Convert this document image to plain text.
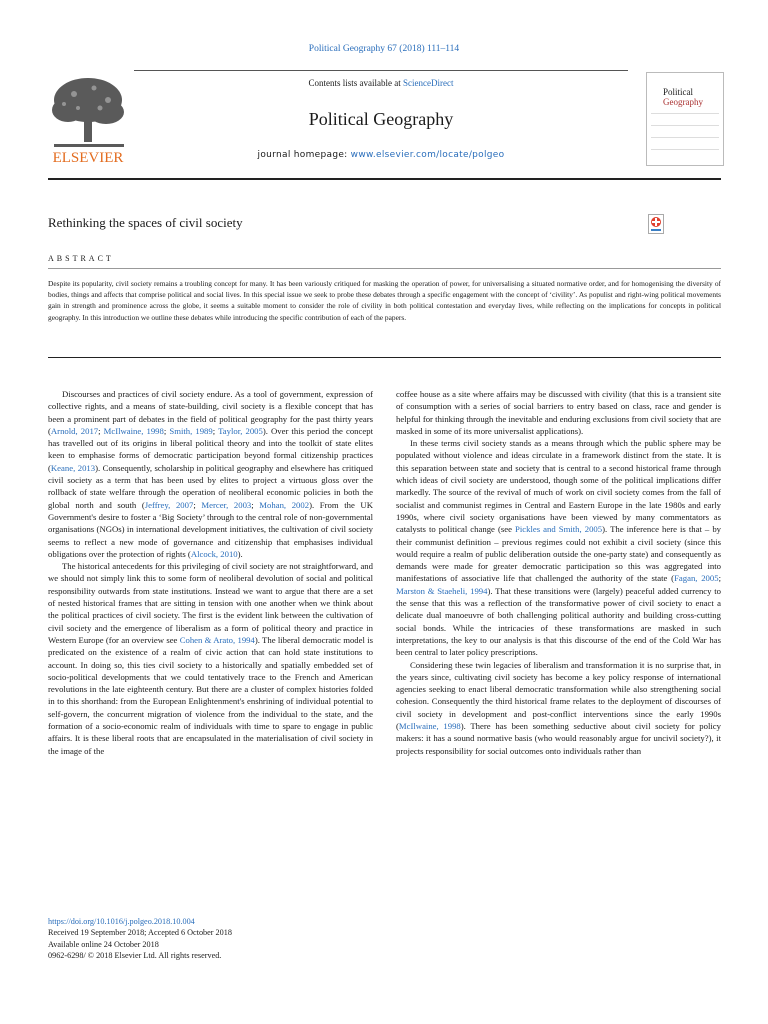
Political Geography 67 (2018) 111–114
ELSEVIER
Contents lists available at ScienceDirect
Political Geography
journal homepage: www.elsevier.com/locate/polgeo
Political
Geography
Rethinking the spaces of civil society
ABSTRACT
Despite its popularity, civil society remains a troubling concept for many. It has been variously critiqued for masking the operation of power, for universalising a situated normative order, and for homogenising the diversity of bodies, things and affects that comprise political and social lives. In this special issue we seek to probe these debates through a specific engagement with the concept of ‘civility’. As populist and right-wing political movements gain in strength and prominence across the globe, it seems a suitable moment to consider the role of civility in both political contestation and everyday lives, while reflecting on the implications for concepts in political geography. In this introduction we outline these debates while introducing the specific contribution of each of the papers.

Discourses and practices of civil society endure. As a tool of government, expression of collective rights, and a means of state-building, civil society is a flexible concept that has been a prominent part of debates in the field of political geography for the past thirty years (Arnold, 2017; McIlwaine, 1998; Smith, 1989; Taylor, 2005). Over this period the concept has travelled out of its origins in liberal political theory and into the toolkit of state elites keen to emphasise forms of democratic participation beyond formal citizenship practices (Keane, 2013). Consequently, scholarship in political geography and elsewhere has critiqued civil society as a term that has been used by elites to project a virtuous gloss over the rollback of state welfare through the operation of neoliberal economic policies in both the global north and south (Jeffrey, 2007; Mercer, 2003; Mohan, 2002). From the UK Government's desire to foster a ‘Big Society’ through to the central role of non-governmental organisations (NGOs) in international development initiatives, the cultivation of civil society seems to reflect a new mode of governance and citizenship that emphasises individual obligations over the protection of rights (Alcock, 2010).

The historical antecedents for this privileging of civil society are not straightforward, and we should not simply link this to some form of neoliberal devolution of social and political responsibility outwards from state institutions. Instead we want to argue that there are a set of nested historical frames that are sitting in tension with one another when we think about the political practices of civil society. The first is the evident link between the cultivation of civil society and the emergence of liberalism as a form of political theory and practice in Western Europe (for an overview see Cohen & Arato, 1994). The liberal democratic model is predicated on the existence of a realm of civic action that can hold state institutions to account. In doing so, this ties civil society to a historically and spatially embedded set of socio-political developments that we could tentatively trace to the French and American revolutions in the late eighteenth century. But there are a cluster of complex histories folded in to this shorthand: from the European Enlightenment's enshrining of individual potential to self-govern, the concurrent migration of violence from the individual to the state, and the formation of a socio-economic realm of individuals with time to spare to engage in public affairs. It is these liberal roots that are encapsulated in the materialisation of civil society in the image of the

coffee house as a site where affairs may be discussed with civility (that this is a transient site of consumption with a series of social barriers to entry based on class, race and gender is helpful for thinking through the inevitable and enduring exclusions from civil society that are masked in some of its more universalist applications).

In these terms civil society stands as a means through which the public sphere may be populated without violence and ideas circulate in a framework distinct from the state. It is this separation between state and society that is central to a second historical frame through which ideas of civil society are understood, though some of the political implications differ markedly. The source of the revival of much of work on civil society comes from the fall of socialist and communist regimes in Central and Eastern Europe in the late 1980s and early 1990s, where civil society organisations have been viewed by many commentators as catalysts to political change (see Pickles and Smith, 2005). The inference here is that – by their communist definition – previous regimes could not exhibit a civil society (since this would require a realm of public deliberation outside the one-party state) and consequently as demands were made for greater democratic participation so this was aggregated into manifestations of associative life that challenged the authority of the state (Fagan, 2005; Marston & Staeheli, 1994). That these transitions were (largely) peaceful added currency to the sense that this was a reflection of the transformative power of civil society to enact a delicate dual manoeuvre of both challenging political authority and building cross-cutting social bonds. While the intricacies of these transformations are masked in such interpretations, the key to our analysis is that this discourse of the end of the Cold War has been central to later policy prescriptions.

Considering these twin legacies of liberalism and transformation it is no surprise that, in the years since, cultivating civil society has become a key policy response of international agencies seeking to enact liberal democratic transformation while also strengthening social cohesion. Consequently the third historical frame relates to the deployment of discourses of civil society in development and post-conflict interventions since the early 1990s (McIlwaine, 1998). There has been something seductive about civil society for policy makers: it has a sound normative basis (who would reasonably argue for uncivil society?), it projects responsibility for social outcomes onto individuals rather than

https://doi.org/10.1016/j.polgeo.2018.10.004
Received 19 September 2018; Accepted 6 October 2018
Available online 24 October 2018
0962-6298/ © 2018 Elsevier Ltd. All rights reserved.
